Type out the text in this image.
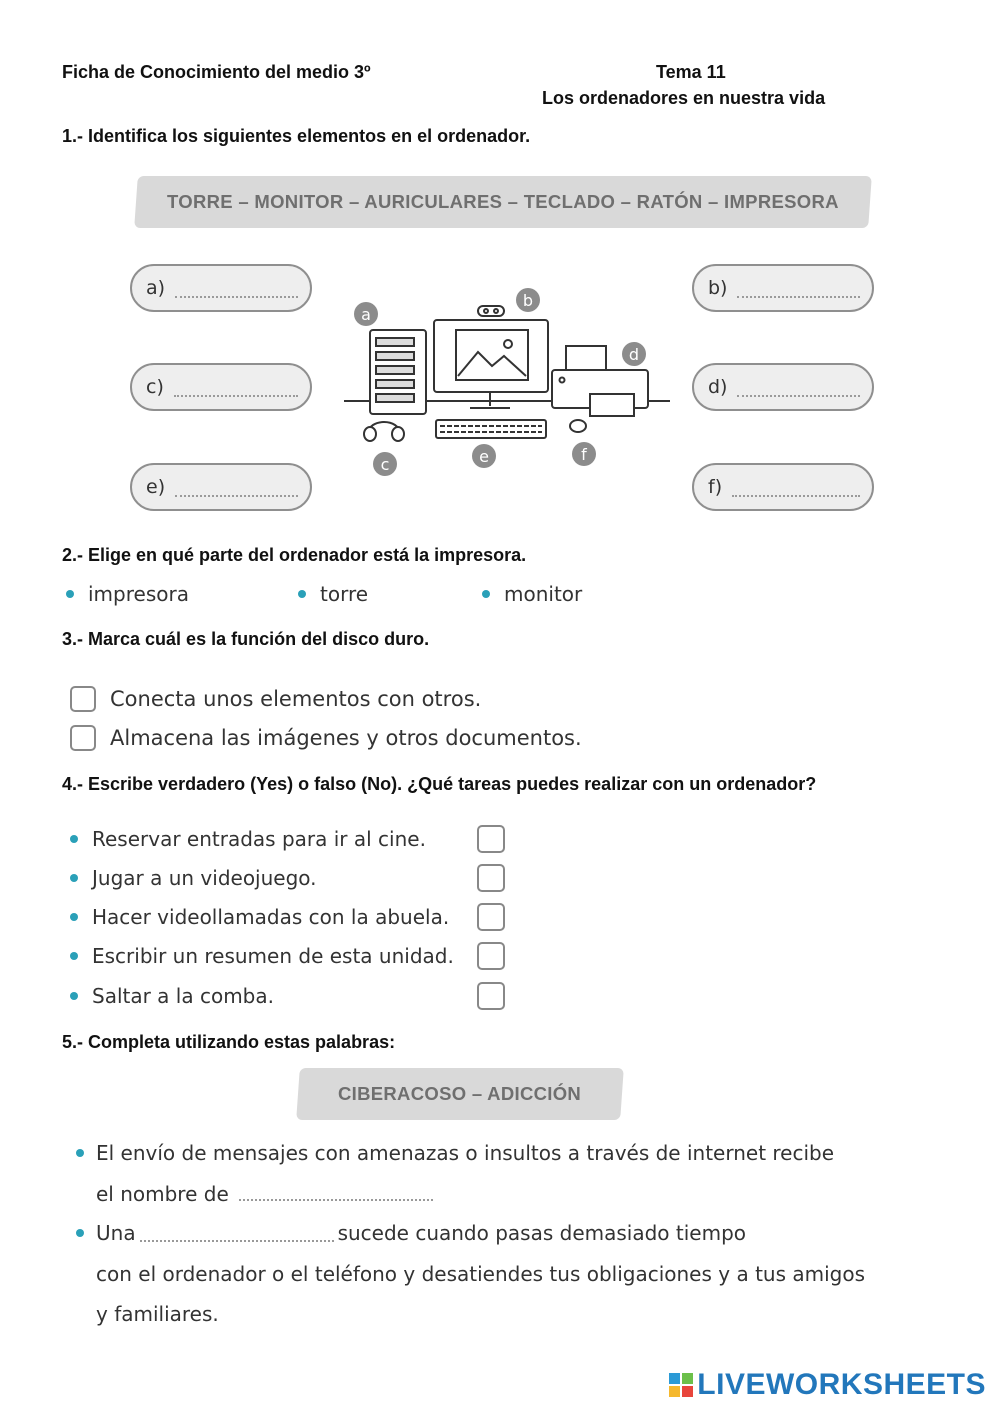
Ficha de Conocimiento del medio 3º	Tema 11
Los ordenadores en nuestra vida
1.- Identifica los siguientes elementos en el ordenador.
TORRE – MONITOR – AURICULARES – TECLADO – RATÓN – IMPRESORA
a)	b)
c)	d)
e)	f)
a
b
c
d
e	f
2.- Elige en qué parte del ordenador está la impresora.
impresora	torre	monitor
3.- Marca cuál es la función del disco duro.
Conecta unos elementos con otros.
Almacena las imágenes y otros documentos.
4.- Escribe verdadero (Yes) o falso (No). ¿Qué tareas puedes realizar con un ordenador?
Reservar entradas para ir al cine.
Jugar a un videojuego.
Hacer videollamadas con la abuela.
Escribir un resumen de esta unidad.
Saltar a la comba.
5.- Completa utilizando estas palabras:
CIBERACOSO – ADICCIÓN
El envío de mensajes con amenazas o insultos a través de internet recibe
el nombre de
Una	sucede cuando pasas demasiado tiempo
con el ordenador o el teléfono y desatiendes tus obligaciones y a tus amigos
y familiares.
LIVEWORKSHEETS
